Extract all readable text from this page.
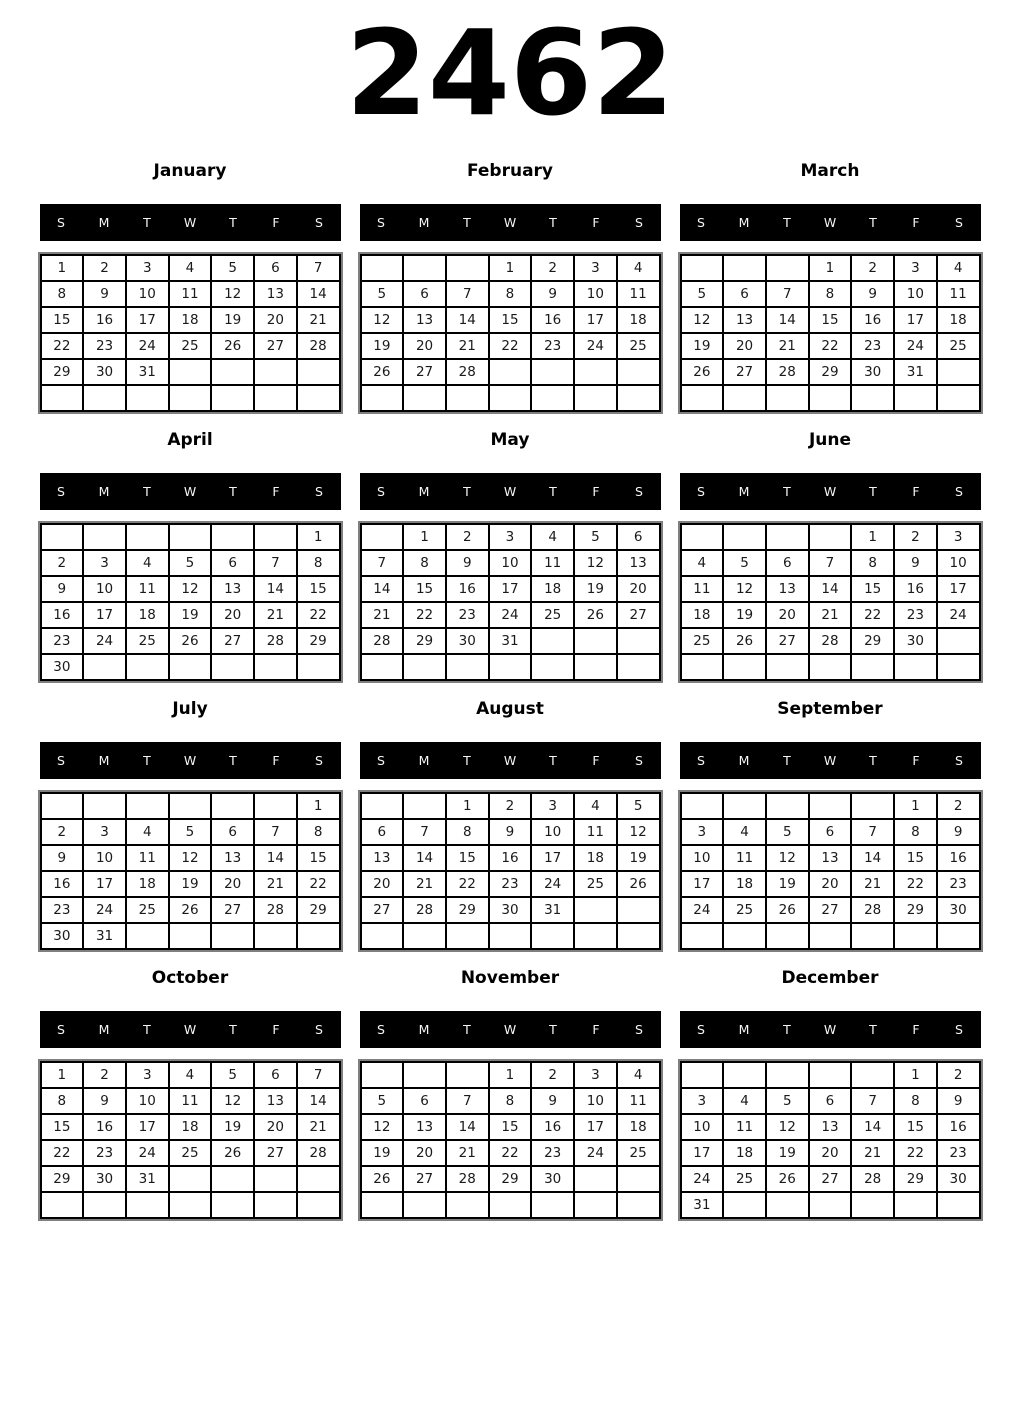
2462
January
S	M	T	W	T	F	S
1	2	3	4	5	6	7
8	9	10	11	12	13	14
15	16	17	18	19	20	21
22	23	24	25	26	27	28
29	30	31				

February
S	M	T	W	T	F	S
			1	2	3	4
5	6	7	8	9	10	11
12	13	14	15	16	17	18
19	20	21	22	23	24	25
26	27	28				

March
S	M	T	W	T	F	S
			1	2	3	4
5	6	7	8	9	10	11
12	13	14	15	16	17	18
19	20	21	22	23	24	25
26	27	28	29	30	31	

April
S	M	T	W	T	F	S
						1
2	3	4	5	6	7	8
9	10	11	12	13	14	15
16	17	18	19	20	21	22
23	24	25	26	27	28	29
30						
May
S	M	T	W	T	F	S
	1	2	3	4	5	6
7	8	9	10	11	12	13
14	15	16	17	18	19	20
21	22	23	24	25	26	27
28	29	30	31			

June
S	M	T	W	T	F	S
				1	2	3
4	5	6	7	8	9	10
11	12	13	14	15	16	17
18	19	20	21	22	23	24
25	26	27	28	29	30	

July
S	M	T	W	T	F	S
						1
2	3	4	5	6	7	8
9	10	11	12	13	14	15
16	17	18	19	20	21	22
23	24	25	26	27	28	29
30	31					
August
S	M	T	W	T	F	S
		1	2	3	4	5
6	7	8	9	10	11	12
13	14	15	16	17	18	19
20	21	22	23	24	25	26
27	28	29	30	31		

September
S	M	T	W	T	F	S
					1	2
3	4	5	6	7	8	9
10	11	12	13	14	15	16
17	18	19	20	21	22	23
24	25	26	27	28	29	30

October
S	M	T	W	T	F	S
1	2	3	4	5	6	7
8	9	10	11	12	13	14
15	16	17	18	19	20	21
22	23	24	25	26	27	28
29	30	31				

November
S	M	T	W	T	F	S
			1	2	3	4
5	6	7	8	9	10	11
12	13	14	15	16	17	18
19	20	21	22	23	24	25
26	27	28	29	30		

December
S	M	T	W	T	F	S
					1	2
3	4	5	6	7	8	9
10	11	12	13	14	15	16
17	18	19	20	21	22	23
24	25	26	27	28	29	30
31						
